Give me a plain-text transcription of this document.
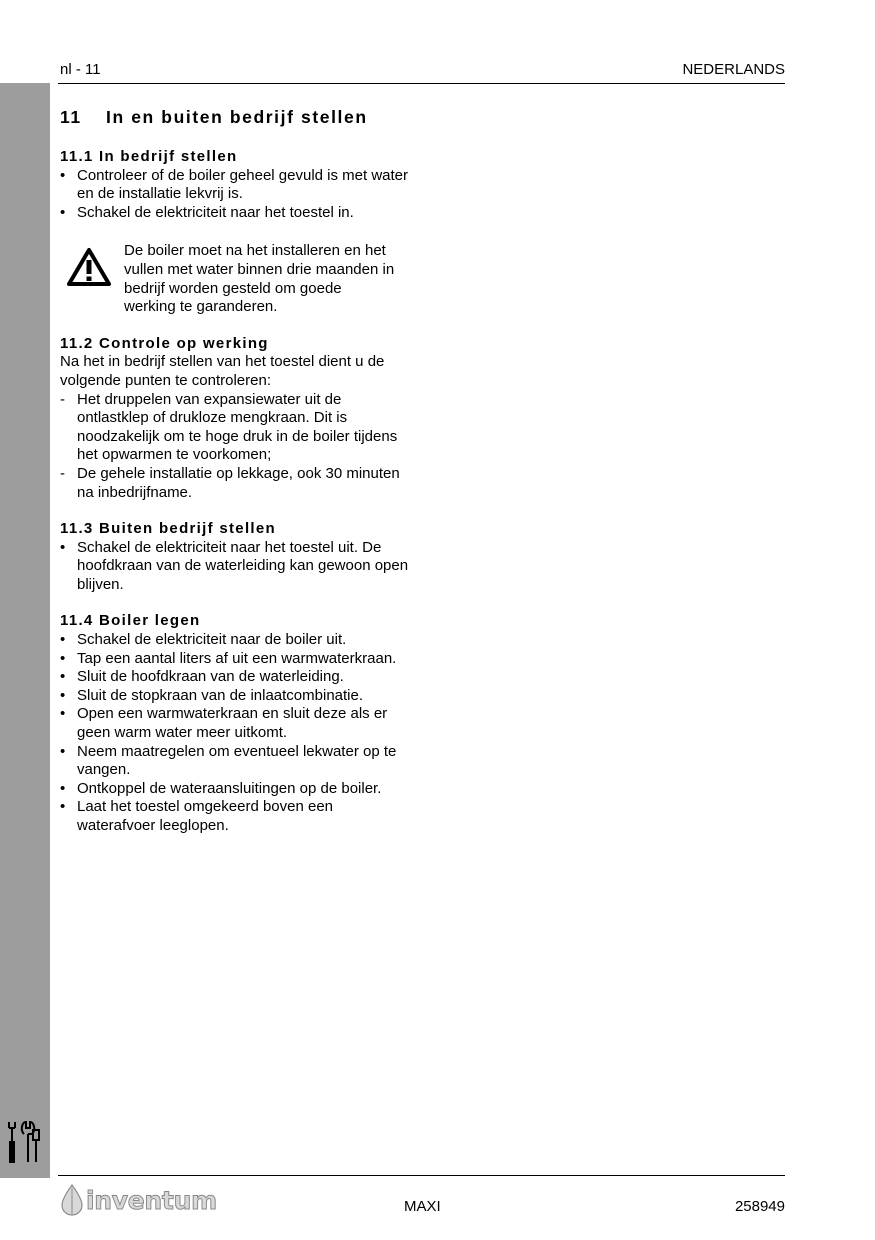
nl - 11	NEDERLANDS
11 In en buiten bedrijf stellen
11.1 In bedrijf stellen
• Controleer of de boiler geheel gevuld is met water en de installatie lekvrij is.
• Schakel de elektriciteit naar het toestel in.
De boiler moet na het installeren en het vullen met water binnen drie maanden in bedrijf worden gesteld om goede werking te garanderen.
11.2 Controle op werking

Na het in bedrijf stellen van het toestel dient u de volgende punten te controleren:

- Het druppelen van expansiewater uit de ontlastklep of drukloze mengkraan. Dit is noodzakelijk om te hoge druk in de boiler tijdens het opwarmen te voorkomen;
- De gehele installatie op lekkage, ook 30 minuten na inbedrijfname.
11.3 Buiten bedrijf stellen
• Schakel de elektriciteit naar het toestel uit. De hoofdkraan van de waterleiding kan gewoon open blijven.
11.4 Boiler legen
• Schakel de elektriciteit naar de boiler uit.
• Tap een aantal liters af uit een warmwaterkraan.
• Sluit de hoofdkraan van de waterleiding.
• Sluit de stopkraan van de inlaatcombinatie.
• Open een warmwaterkraan en sluit deze als er geen warm water meer uitkomt.
• Neem maatregelen om eventueel lekwater op te vangen.
• Ontkoppel de wateraansluitingen op de boiler.
• Laat het toestel omgekeerd boven een waterafvoer leeglopen.
inventum	MAXI	258949
